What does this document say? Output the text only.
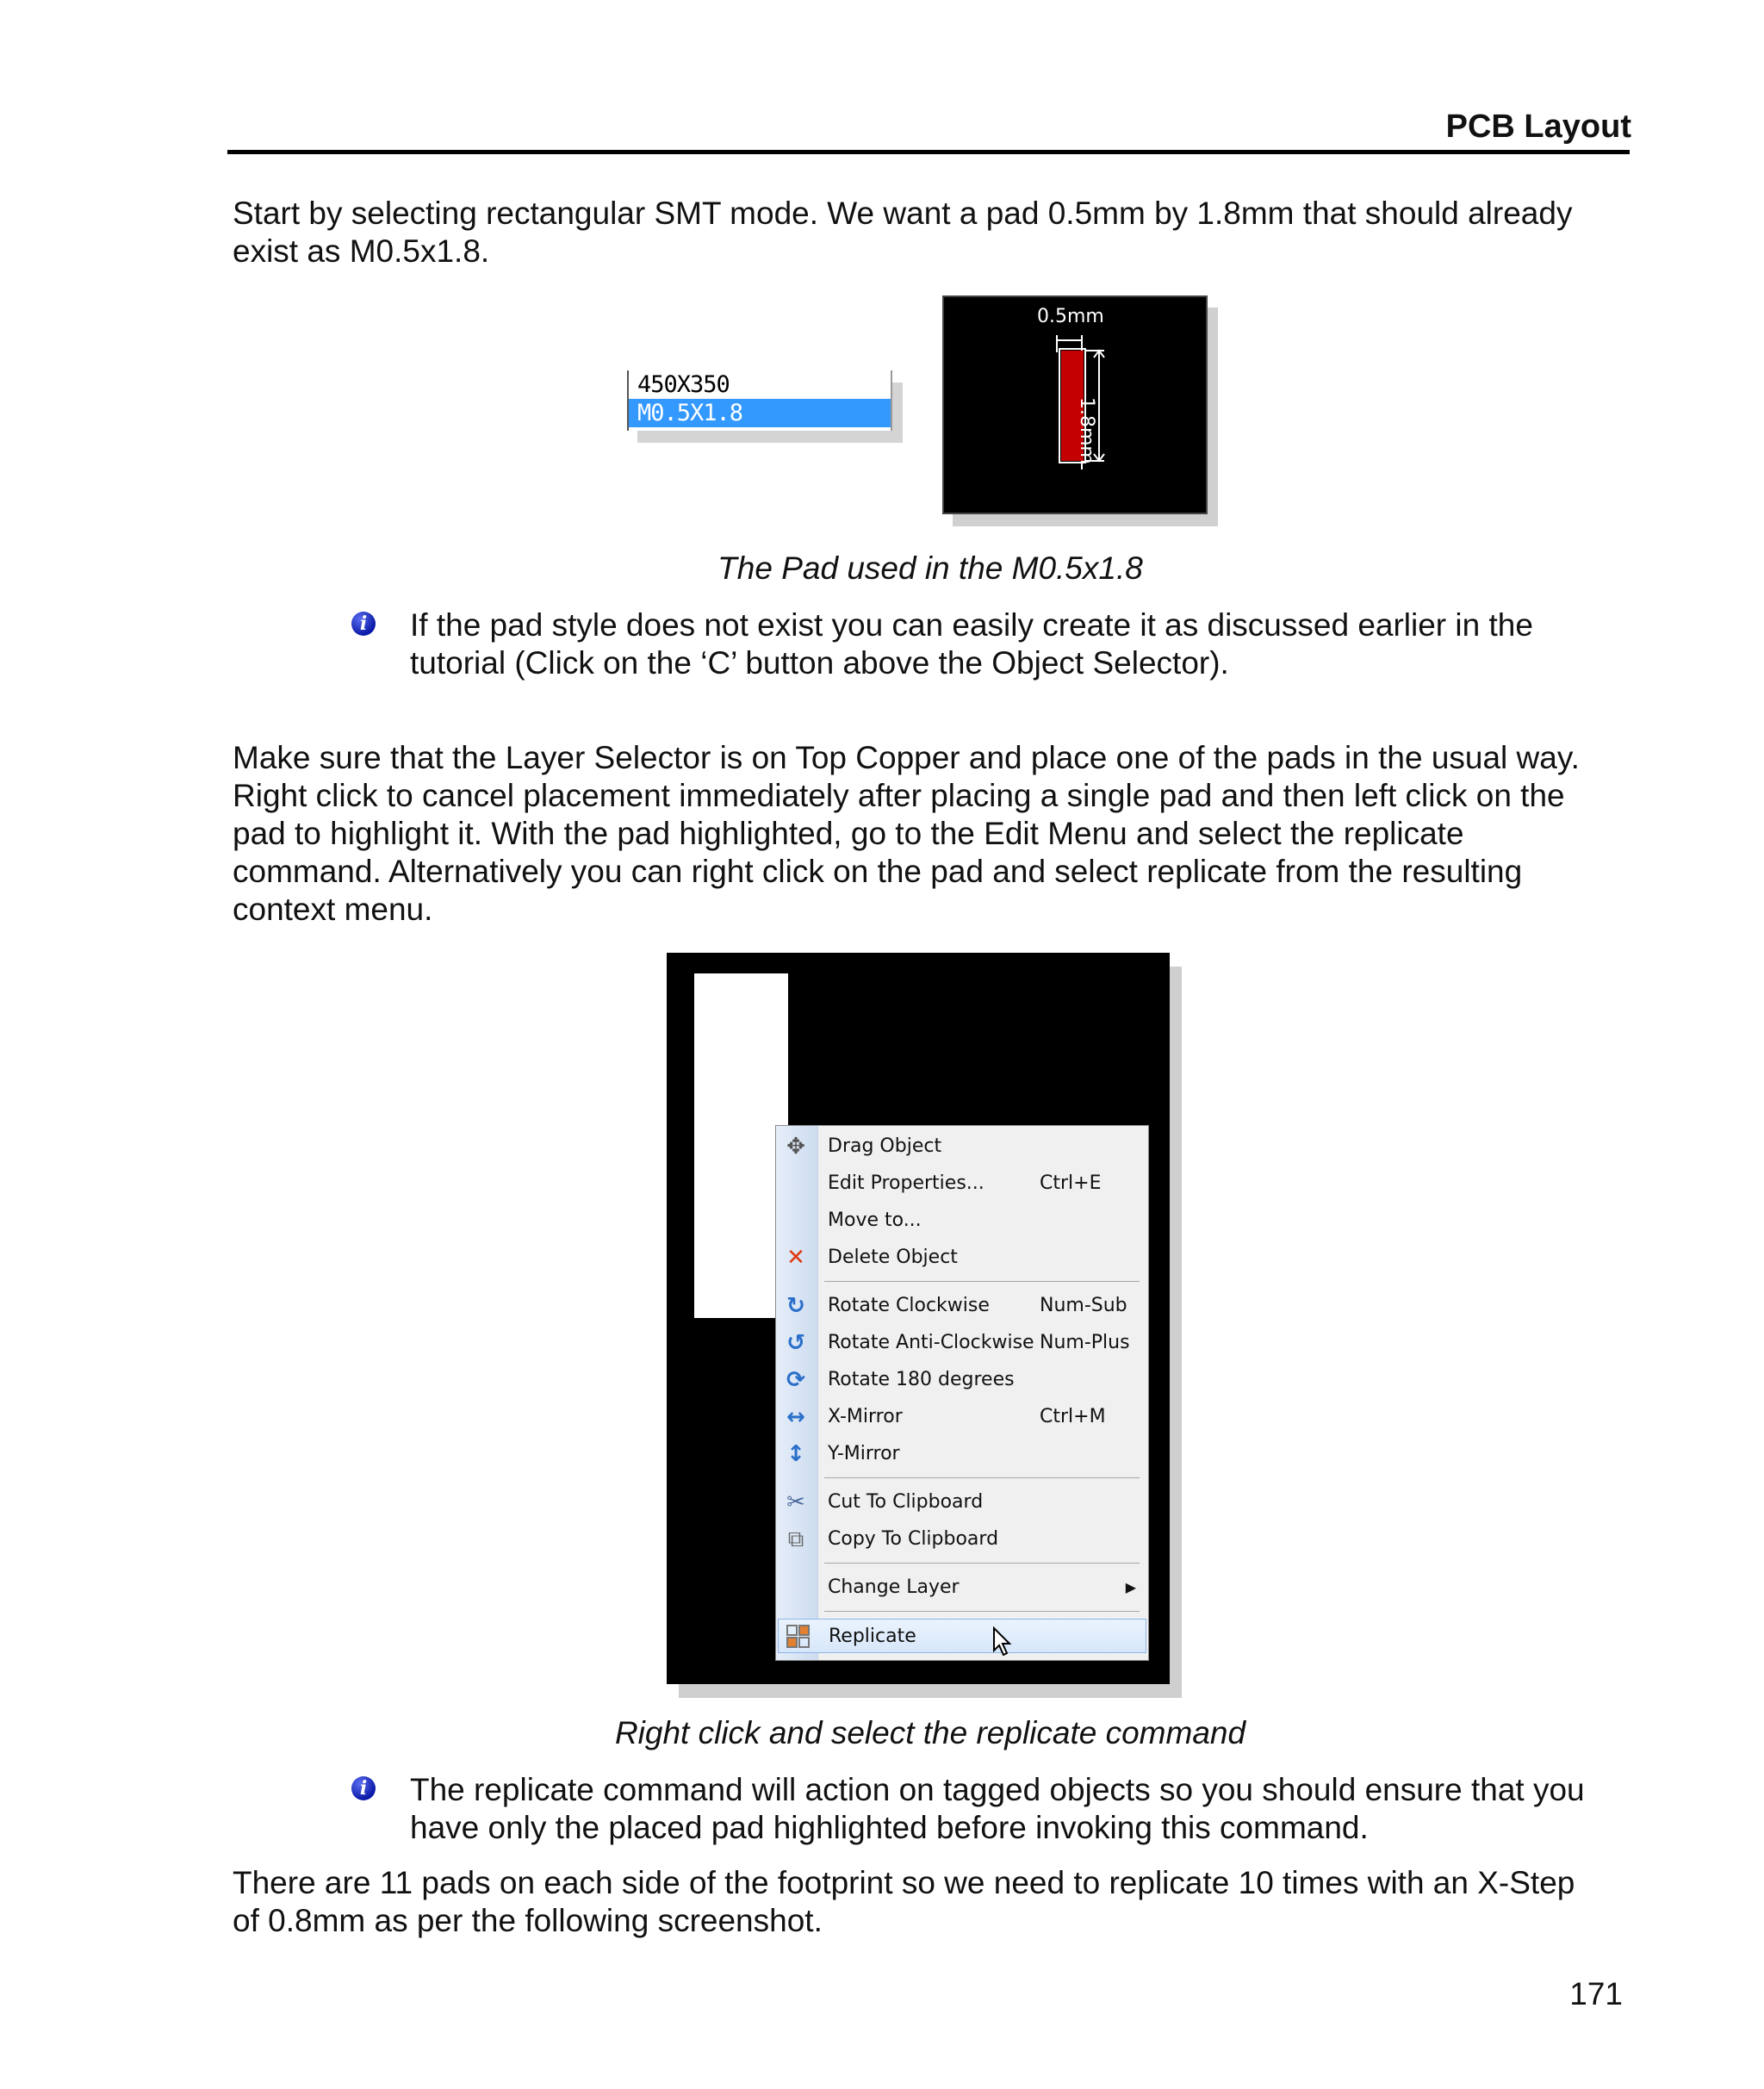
PCB Layout

Start by selecting rectangular SMT mode. We want a pad 0.5mm by 1.8mm that should already

exist as M0.5x1.8.

450X350
M0.5X1.8
0.5mm
1.8mm
The Pad used in the M0.5x1.8
i If the pad style does not exist you can easily create it as discussed earlier in the

tutorial (Click on the ‘C’ button above the Object Selector).

Make sure that the Layer Selector is on Top Copper and place one of the pads in the usual way.

Right click to cancel placement immediately after placing a single pad and then left click on the

pad to highlight it. With the pad highlighted, go to the Edit Menu and select the replicate

command. Alternatively you can right click on the pad and select replicate from the resulting

context menu.

✥ Drag Object
Edit Properties...	Ctrl+E
Move to...
✕ Delete Object
↻ Rotate Clockwise	Num-Sub
↺ Rotate Anti-Clockwise Num-Plus
⟳ Rotate 180 degrees
↔ X-Mirror	Ctrl+M
↕ Y-Mirror
✂ Cut To Clipboard
⧉	Copy To Clipboard
Change Layer	▶
Replicate
Right click and select the replicate command
i The replicate command will action on tagged objects so you should ensure that you

have only the placed pad highlighted before invoking this command.

There are 11 pads on each side of the footprint so we need to replicate 10 times with an X-Step

of 0.8mm as per the following screenshot.

171
